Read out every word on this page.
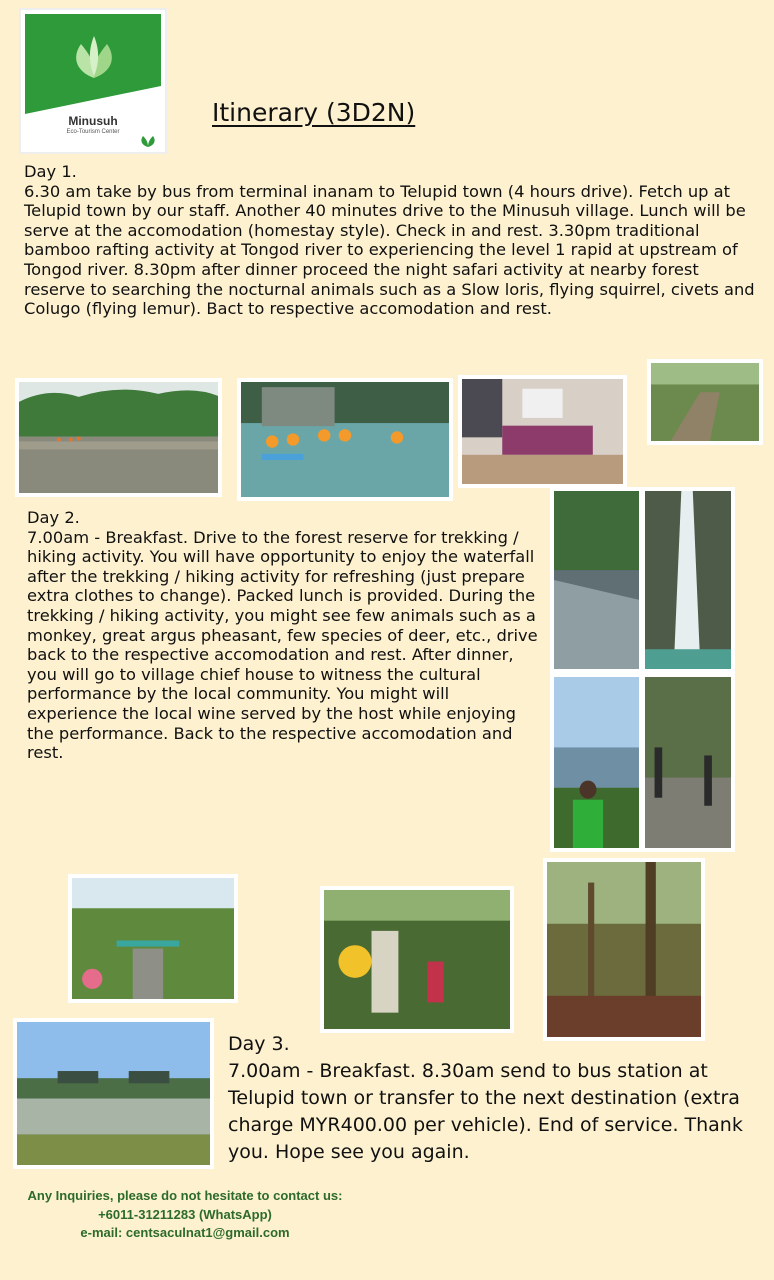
Minusuh
Eco-Tourism Center
Itinerary (3D2N)
Day 1.
6.30 am take by bus from terminal inanam to Telupid town (4 hours drive). Fetch up at Telupid town by our staff. Another 40 minutes drive to the Minusuh village. Lunch will be serve at the accomodation (homestay style). Check in and rest. 3.30pm traditional bamboo rafting activity at Tongod river to experiencing the level 1 rapid at upstream of Tongod river. 8.30pm after dinner proceed the night safari activity at nearby forest reserve to searching the nocturnal animals such as a Slow loris, flying squirrel, civets and Colugo (flying lemur). Bact to respective accomodation and rest.
Day 2.
7.00am - Breakfast. Drive to the forest reserve for trekking / hiking activity. You will have opportunity to enjoy the waterfall after the trekking / hiking activity for refreshing (just prepare extra clothes to change). Packed lunch is provided. During the trekking / hiking activity, you might see few animals such as a monkey, great argus pheasant, few species of deer, etc., drive back to the respective accomodation and rest. After dinner, you will go to village chief house to witness the cultural performance by the local community. You might will experience the local wine served by the host while enjoying the performance. Back to the respective accomodation and rest.
Day 3.
7.00am - Breakfast. 8.30am send to bus station at Telupid town or transfer to the next destination (extra charge MYR400.00 per vehicle). End of service. Thank you. Hope see you again.
Any Inquiries, please do not hesitate to contact us:
+6011-31211283 (WhatsApp)
e-mail: centsaculnat1@gmail.com
